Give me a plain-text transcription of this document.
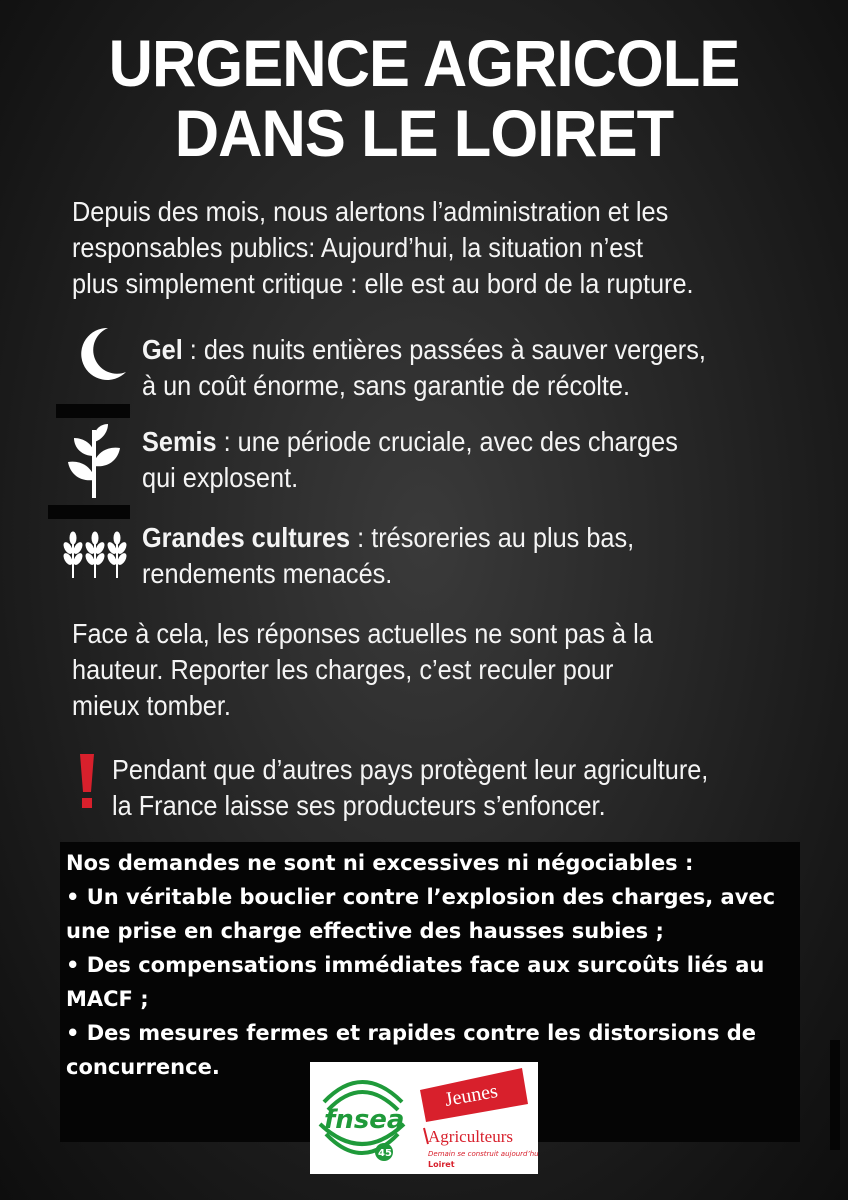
URGENCE AGRICOLE
DANS LE LOIRET
Depuis des mois, nous alertons l’administration et les
responsables publics: Aujourd’hui, la situation n’est
plus simplement critique : elle est au bord de la rupture.
Gel : des nuits entières passées à sauver vergers,
à un coût énorme, sans garantie de récolte.
Semis : une période cruciale, avec des charges
qui explosent.
Grandes cultures : trésoreries au plus bas,
rendements menacés.
Face à cela, les réponses actuelles ne sont pas à la
hauteur. Reporter les charges, c’est reculer pour
mieux tomber.
Pendant que d’autres pays protègent leur agriculture,
la France laisse ses producteurs s’enfoncer.
Nos demandes ne sont ni excessives ni négociables :
• Un véritable bouclier contre l’explosion des charges, avec
une prise en charge effective des hausses subies ;
• Des compensations immédiates face aux surcoûts liés au
MACF ;
• Des mesures fermes et rapides contre les distorsions de
concurrence.
fnsea
45
Jeunes
Agriculteurs
Demain se construit aujourd’hui
Loiret
